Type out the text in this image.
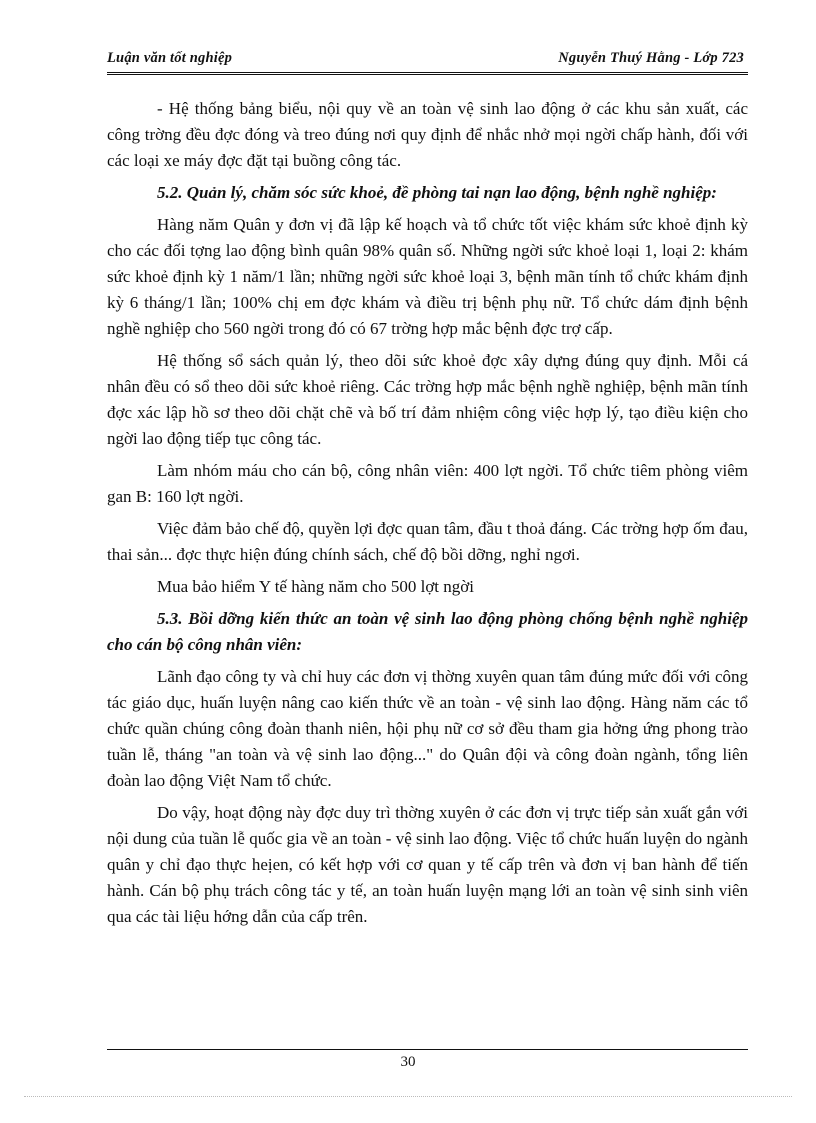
Luận văn tốt nghiệp	Nguyễn Thuý Hằng - Lớp 723

- Hệ thống bảng biểu, nội quy về an toàn vệ sinh lao động ở các khu sản xuất, các công trờng đều đợc đóng và treo đúng nơi quy định để nhắc nhở mọi ngời chấp hành, đối với các loại xe máy đợc đặt tại buồng công tác.

5.2. Quản lý, chăm sóc sức khoẻ, đề phòng tai nạn lao động, bệnh nghề nghiệp:

Hàng năm Quân y đơn vị đã lập kế hoạch và tổ chức tốt việc khám sức khoẻ định kỳ cho các đối tợng lao động bình quân 98% quân số. Những ngời sức khoẻ loại 1, loại 2: khám sức khoẻ định kỳ 1 năm/1 lần; những ngời sức khoẻ loại 3, bệnh mãn tính tổ chức khám định kỳ 6 tháng/1 lần; 100% chị em đợc khám và điều trị bệnh phụ nữ. Tổ chức dám định bệnh nghề nghiệp cho 560 ngời trong đó có 67 trờng hợp mắc bệnh đợc trợ cấp.

Hệ thống sổ sách quản lý, theo dõi sức khoẻ đợc xây dựng đúng quy định. Mỗi cá nhân đều có sổ theo dõi sức khoẻ riêng. Các trờng hợp mắc bệnh nghề nghiệp, bệnh mãn tính đợc xác lập hồ sơ theo dõi chặt chẽ và bố trí đảm nhiệm công việc hợp lý, tạo điều kiện cho ngời lao động tiếp tục công tác.

Làm nhóm máu cho cán bộ, công nhân viên: 400 lợt ngời. Tổ chức tiêm phòng viêm gan B: 160 lợt ngời.

Việc đảm bảo chế độ, quyền lợi đợc quan tâm, đầu t thoả đáng. Các trờng hợp ốm đau, thai sản... đợc thực hiện đúng chính sách, chế độ bồi dỡng, nghỉ ngơi.

Mua bảo hiểm Y tế hàng năm cho 500 lợt ngời

5.3. Bồi dỡng kiến thức an toàn vệ sinh lao động phòng chống bệnh nghề nghiệp cho cán bộ công nhân viên:

Lãnh đạo công ty và chỉ huy các đơn vị thờng xuyên quan tâm đúng mức đối với công tác giáo dục, huấn luyện nâng cao kiến thức về an toàn - vệ sinh lao động. Hàng năm các tổ chức quần chúng công đoàn thanh niên, hội phụ nữ cơ sở đều tham gia hởng ứng phong trào tuần lễ, tháng "an toàn và vệ sinh lao động..." do Quân đội và công đoàn ngành, tổng liên đoàn lao động Việt Nam tổ chức.

Do vậy, hoạt động này đợc duy trì thờng xuyên ở các đơn vị trực tiếp sản xuất gắn với nội dung của tuần lễ quốc gia về an toàn - vệ sinh lao động. Việc tổ chức huấn luyện do ngành quân y chỉ đạo thực heịen, có kết hợp với cơ quan y tế cấp trên và đơn vị ban hành để tiến hành. Cán bộ phụ trách công tác y tế, an toàn huấn luyện mạng lới an toàn vệ sinh sinh viên qua các tài liệu hớng dẫn của cấp trên.

30
